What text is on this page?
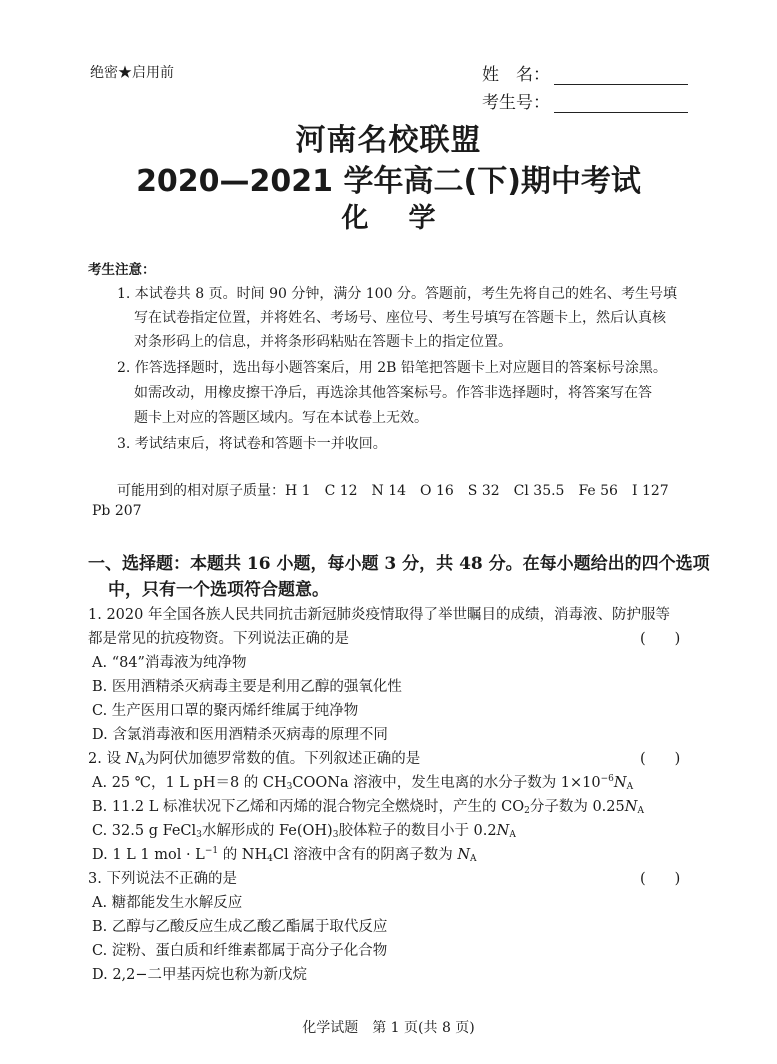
绝密★启用前	姓　名：
考生号：
河南名校联盟
2020—2021 学年高二(下)期中考试
化学
考生注意：
1. 本试卷共 8 页。时间 90 分钟，满分 100 分。答题前，考生先将自己的姓名、考生号填
写在试卷指定位置，并将姓名、考场号、座位号、考生号填写在答题卡上，然后认真核
对条形码上的信息，并将条形码粘贴在答题卡上的指定位置。
2. 作答选择题时，选出每小题答案后，用 2B 铅笔把答题卡上对应题目的答案标号涂黑。
如需改动，用橡皮擦干净后，再选涂其他答案标号。作答非选择题时，将答案写在答
题卡上对应的答题区域内。写在本试卷上无效。
3. 考试结束后，将试卷和答题卡一并收回。
可能用到的相对原子质量：H 1　C 12　N 14　O 16　S 32　Cl 35.5　Fe 56　I 127
Pb 207
一、选择题：本题共 16 小题，每小题 3 分，共 48 分。在每小题给出的四个选项
中，只有一个选项符合题意。
1. 2020 年全国各族人民共同抗击新冠肺炎疫情取得了举世瞩目的成绩，消毒液、防护服等
都是常见的抗疫物资。下列说法正确的是	(　　)
A. “84”消毒液为纯净物
B. 医用酒精杀灭病毒主要是利用乙醇的强氧化性
C. 生产医用口罩的聚丙烯纤维属于纯净物
D. 含氯消毒液和医用酒精杀灭病毒的原理不同
2. 设 $N_A$为阿伏加德罗常数的值。下列叙述正确的是	(　　)
A. 25 ℃，1 L pH＝8 的 $CH_3COONa$ 溶液中，发生电离的水分子数为 $1\times 10^{-6}N_A$
B. 11.2 L 标准状况下乙烯和丙烯的混合物完全燃烧时，产生的 $CO_2$分子数为 $0.25N_A$
C. 32.5 g FeCl$_3$水解形成的 $Fe(OH)_3$胶体粒子的数目小于 $0.2N_A$
D. 1 L 1 mol · $L^{-1}$ 的 $NH_4Cl$ 溶液中含有的阴离子数为 $N_A$
3. 下列说法不正确的是	(　　)
A. 糖都能发生水解反应
B. 乙醇与乙酸反应生成乙酸乙酯属于取代反应
C. 淀粉、蛋白质和纤维素都属于高分子化合物
D. 2,2−二甲基丙烷也称为新戊烷
化学试题　第 1 页(共 8 页)
